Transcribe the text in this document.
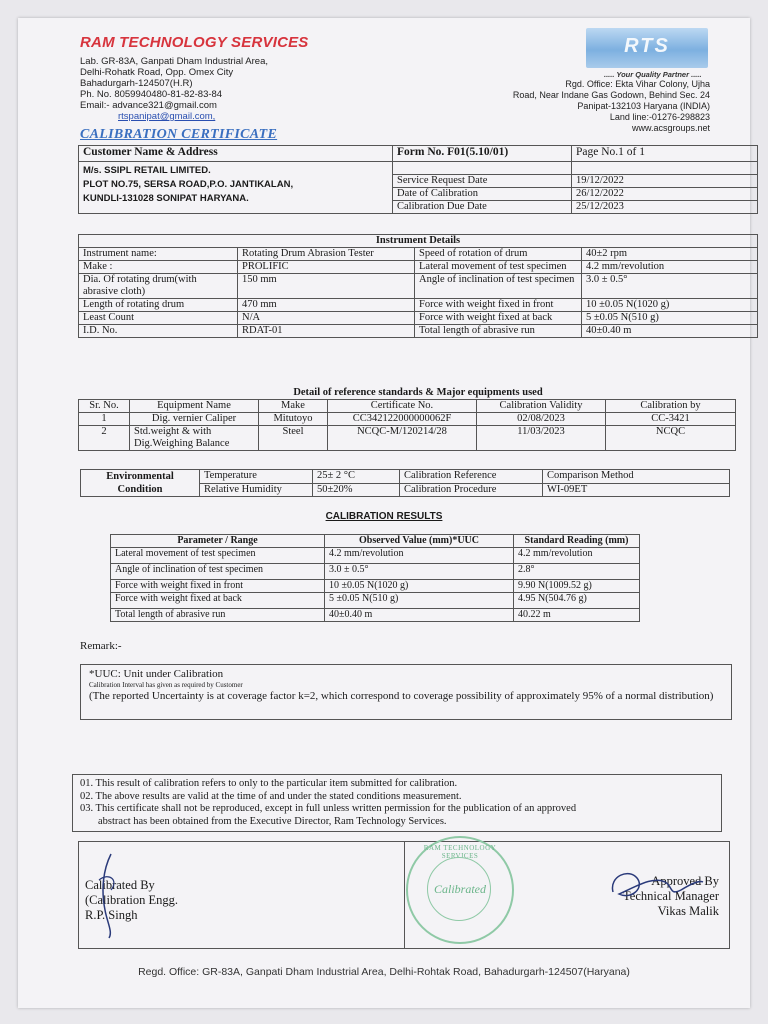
RAM TECHNOLOGY SERVICES
Lab. GR-83A, Ganpati Dham Industrial Area,
Delhi-Rohatk Road, Opp. Omex City
Bahadurgarh-124507(H.R)
Ph. No. 8059940480-81-82-83-84
Email:- advance321@gmail.com
rtspanipat@gmail.com,
CALIBRATION CERTIFICATE
RTS
..... Your Quality Partner .....
Rgd. Office: Ekta Vihar Colony, Ujha
Road, Near Indane Gas Godown, Behind Sec. 24
Panipat-132103 Haryana (INDIA)
Land line:-01276-298823
www.acsgroups.net
Customer Name & Address	Form No. F01(5.10/01)	Page No.1 of 1

M/s. SSIPL RETAIL LIMITED.
PLOT NO.75, SERSA ROAD,P.O. JANTIKALAN,
KUNDLI-131028 SONIPAT HARYANA.		

	Service Request Date	19/12/2022
	Date of Calibration	26/12/2022
	Calibration Due Date	25/12/2023
Instrument Details			
Instrument name:	Rotating Drum Abrasion Tester	Speed of rotation of drum	40±2 rpm
Make :	PROLIFIC	Lateral movement of test specimen	4.2 mm/revolution
Dia. Of rotating drum(with abrasive cloth)	150 mm	Angle of inclination of test specimen	3.0 ± 0.5°
Length of rotating drum	470 mm	Force with weight fixed in front	10 ±0.05 N(1020 g)
Least Count	N/A	Force with weight fixed at back	5 ±0.05 N(510 g)
I.D. No.	RDAT-01	Total length of abrasive run	40±0.40 m
Detail of reference standards & Major equipments used
Sr. No.	Equipment Name	Make	Certificate No.	Calibration Validity	Calibration by
1	Dig. vernier Caliper	Mitutoyo	CC342122000000062F	02/08/2023	CC-3421
2	Std.weight & with Dig.Weighing Balance	Steel	NCQC-M/120214/28	11/03/2023	NCQC
Environmental Condition	Temperature	25± 2 °C	Calibration Reference	Comparison Method
	Relative Humidity	50±20%	Calibration Procedure	WI-09ET
CALIBRATION RESULTS
Parameter / Range	Observed Value (mm)*UUC	Standard Reading (mm)
Lateral movement of test specimen	4.2 mm/revolution	4.2 mm/revolution
Angle of inclination of test specimen	3.0 ± 0.5°	2.8°
Force with weight fixed in front	10 ±0.05 N(1020 g)	9.90 N(1009.52 g)
Force with weight fixed at back	5 ±0.05 N(510 g)	4.95 N(504.76 g)
Total length of abrasive run	40±0.40 m	40.22 m
Remark:-
*UUC: Unit under Calibration
Calibration Interval has given as required by Customer
(The reported Uncertainty is at coverage factor k=2, which correspond to coverage possibility of approximately 95% of a normal distribution)
01. This result of calibration refers to only to the particular item submitted for calibration.
02. The above results are valid at the time of and under the stated conditions measurement.
03. This certificate shall not be reproduced, except in full unless written permission for the publication of an approved
abstract has been obtained from the Executive Director, Ram Technology Services.
Calibrated By
(Calibration Engg.
R.P. Singh
Approved By
Technical Manager
Vikas Malik
RAM TECHNOLOGY SERVICES
Calibrated
Regd. Office: GR-83A, Ganpati Dham Industrial Area, Delhi-Rohtak Road, Bahadurgarh-124507(Haryana)
